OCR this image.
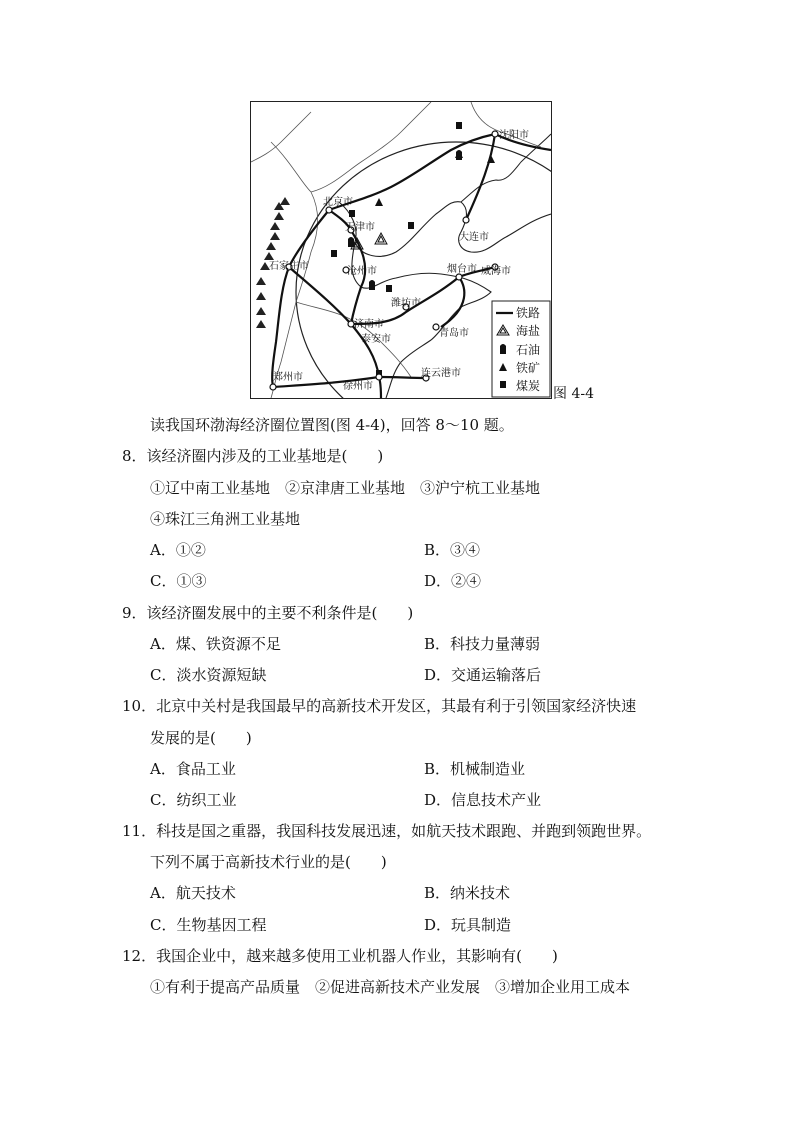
沈阳市
北京市
天津市
大连市
石家庄市	沧州市	烟台市 威海市
潍坊市
济南市
泰安市
青岛市
郑州市
徐州市
连云港市
铁路
海盐
石油
铁矿
煤炭 图 4-4
读我国环渤海经济圈位置图(图 4-4)，回答 8～10 题。
8．该经济圈内涉及的工业基地是(　　)
①辽中南工业基地　②京津唐工业基地　③沪宁杭工业基地
④珠江三角洲工业基地
A．①②	B．③④
C．①③	D．②④
9．该经济圈发展中的主要不利条件是(　　)
A．煤、铁资源不足	B．科技力量薄弱
C．淡水资源短缺	D．交通运输落后
10．北京中关村是我国最早的高新技术开发区，其最有利于引领国家经济快速
发展的是(　　)
A．食品工业	B．机械制造业
C．纺织工业	D．信息技术产业
11．科技是国之重器，我国科技发展迅速，如航天技术跟跑、并跑到领跑世界。
下列不属于高新技术行业的是(　　)
A．航天技术	B．纳米技术
C．生物基因工程	D．玩具制造
12．我国企业中，越来越多使用工业机器人作业，其影响有(　　)
①有利于提高产品质量　②促进高新技术产业发展　③增加企业用工成本
